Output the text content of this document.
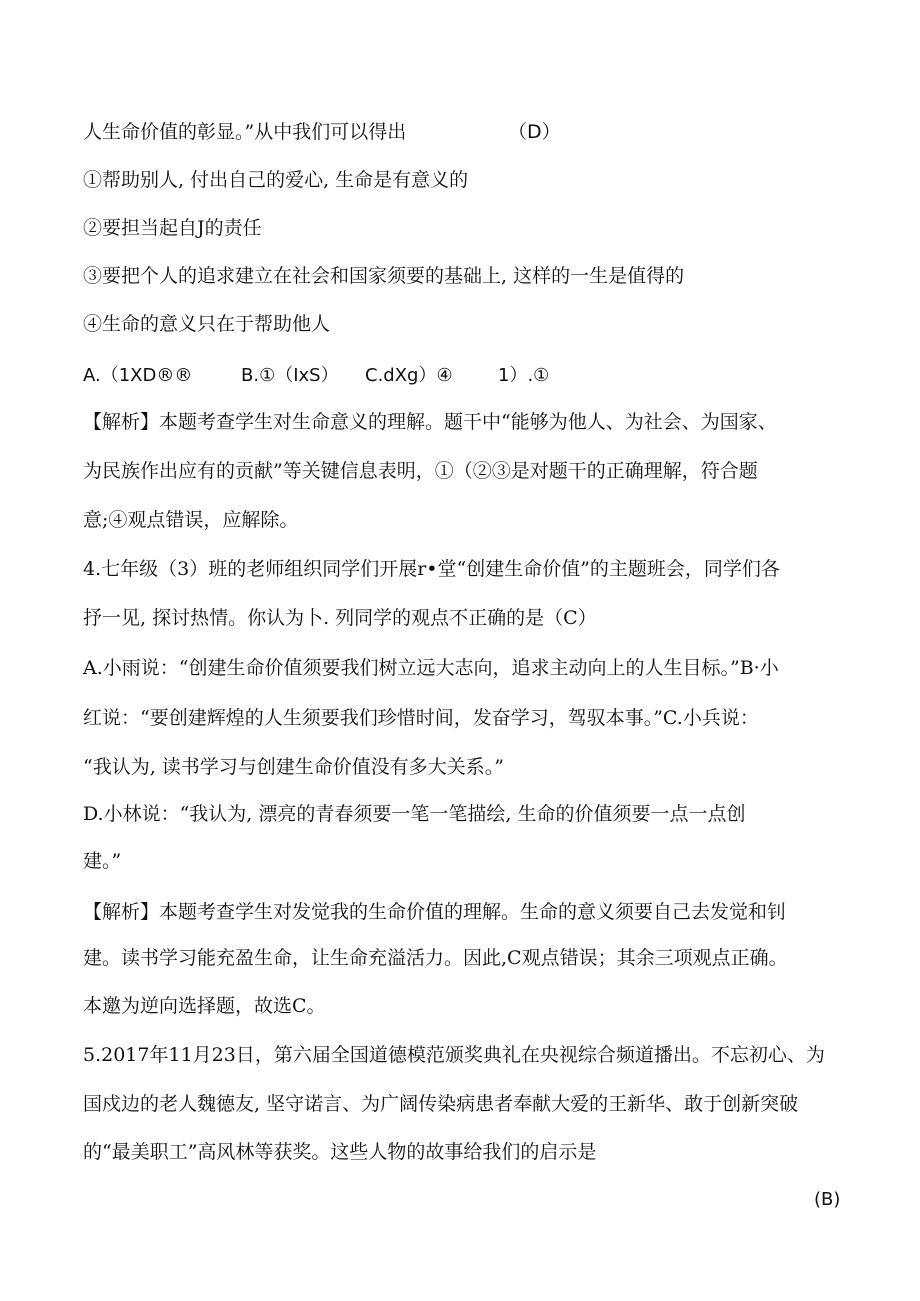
人生命价值的彰显。”从中我们可以得出	（D）

①帮助别人, 付出自己的爱心, 生命是有意义的

②要担当起自J的责任

③要把个人的追求建立在社会和国家须要的基础上, 这样的一生是值得的

④生命的意义只在于帮助他人

A.（1XD®®	B.①（IxS） C.dXg）④	1）.①

【解析】本题考查学生对生命意义的理解。题干中“能够为他人、为社会、为国家、

为民族作出应有的贡献”等关键信息表明，①（②③是对题干的正确理解，符合题

意;④观点错误，应解除。

4.七年级（3）班的老师组织同学们开展r•堂“创建生命价值”的主题班会，同学们各

抒一见, 探讨热情。你认为卜. 列同学的观点不正确的是（C）

A.小雨说：“创建生命价值须要我们树立远大志向，追求主动向上的人生目标。”B·小

红说：“要创建辉煌的人生须要我们珍惜时间，发奋学习，驾驭本事。”C.小兵说：

“我认为, 读书学习与创建生命价值没有多大关系。”

D.小林说：“我认为, 漂亮的青春须要一笔一笔描绘, 生命的价值须要一点一点创

建。”

【解析】本题考查学生对发觉我的生命价值的理解。生命的意义须要自己去发觉和钊

建。读书学习能充盈生命，让生命充溢活力。因此,C观点错误；其余三项观点正确。

本邀为逆向选择题，故选C。

5.2017年11月23日，第六届全国道德模范颁奖典礼在央视综合频道播出。不忘初心、为

国戍边的老人魏德友, 坚守诺言、为广阔传染病患者奉献大爱的王新华、敢于创新突破

的“最美职工”高风林等获奖。这些人物的故事给我们的启示是

(B)
